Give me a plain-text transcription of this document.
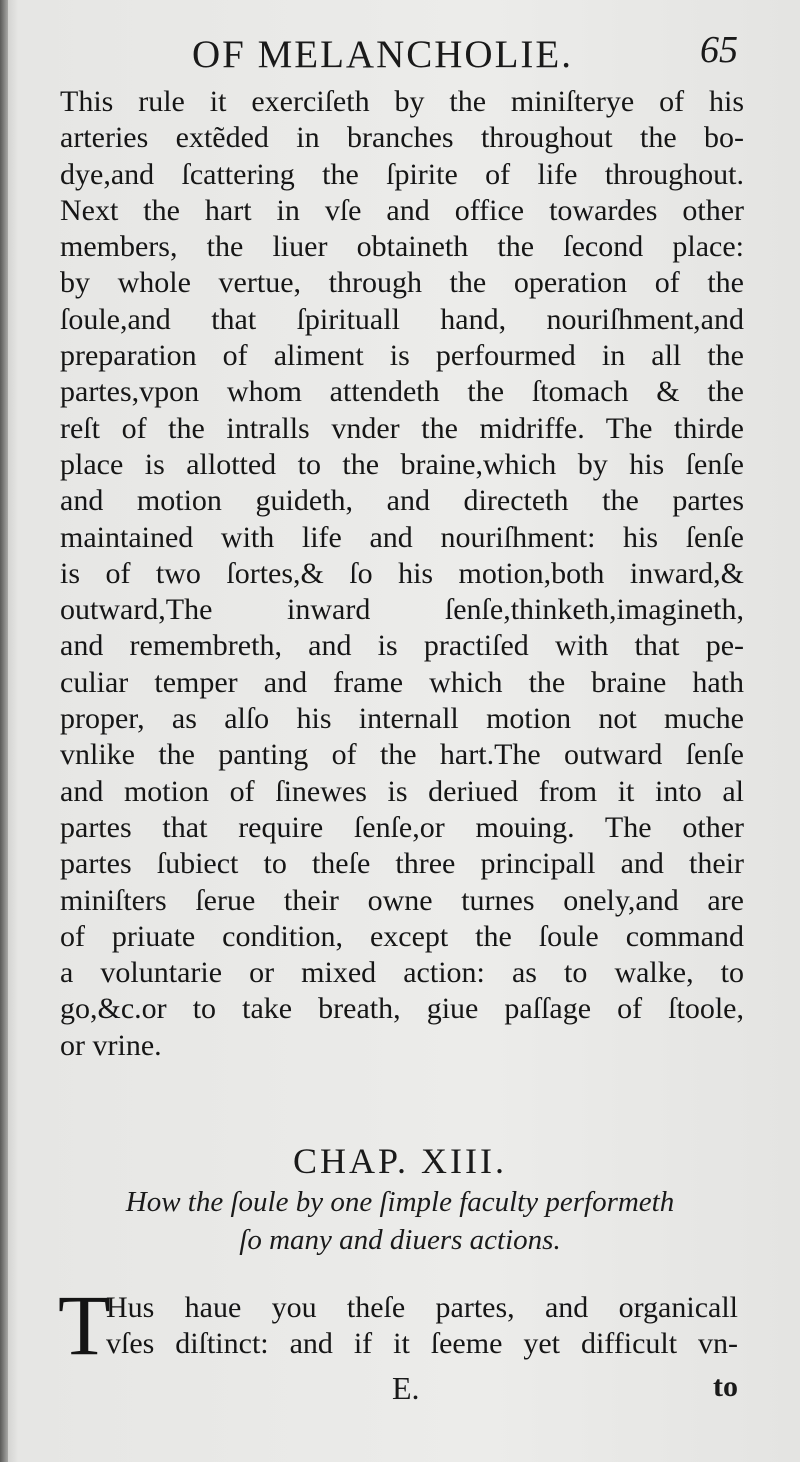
OF MELANCHOLIE.	65
This rule it exerciſeth by the miniſterye of his
arteries extẽded in branches throughout the bo-
dye,and ſcattering the ſpirite of life throughout.
Next the hart in vſe and office towardes other
members, the liuer obtaineth the ſecond place:
by whole vertue, through the operation of the
ſoule,and that ſpirituall hand, nouriſhment,and
preparation of aliment is perfourmed in all the
partes,vpon whom attendeth the ſtomach & the
reſt of the intralls vnder the midriffe. The thirde
place is allotted to the braine,which by his ſenſe
and motion guideth, and directeth the partes
maintained with life and nouriſhment: his ſenſe
is of two ſortes,& ſo his motion,both inward,&
outward,The inward ſenſe,thinketh,imagineth,
and remembreth, and is practiſed with that pe-
culiar temper and frame which the braine hath
proper, as alſo his internall motion not muche
vnlike the panting of the hart.The outward ſenſe
and motion of ſinewes is deriued from it into al
partes that require ſenſe,or mouing. The other
partes ſubiect to theſe three principall and their
miniſters ſerue their owne turnes onely,and are
of priuate condition, except the ſoule command
a voluntarie or mixed action: as to walke, to
go,&c.or to take breath, giue paſſage of ſtoole,
or vrine.
CHAP. XIII.
How the ſoule by one ſimple faculty performeth
ſo many and diuers actions.
T
Hus haue you theſe partes, and organicall
vſes diſtinct: and if it ſeeme yet difficult vn-
E.	to
